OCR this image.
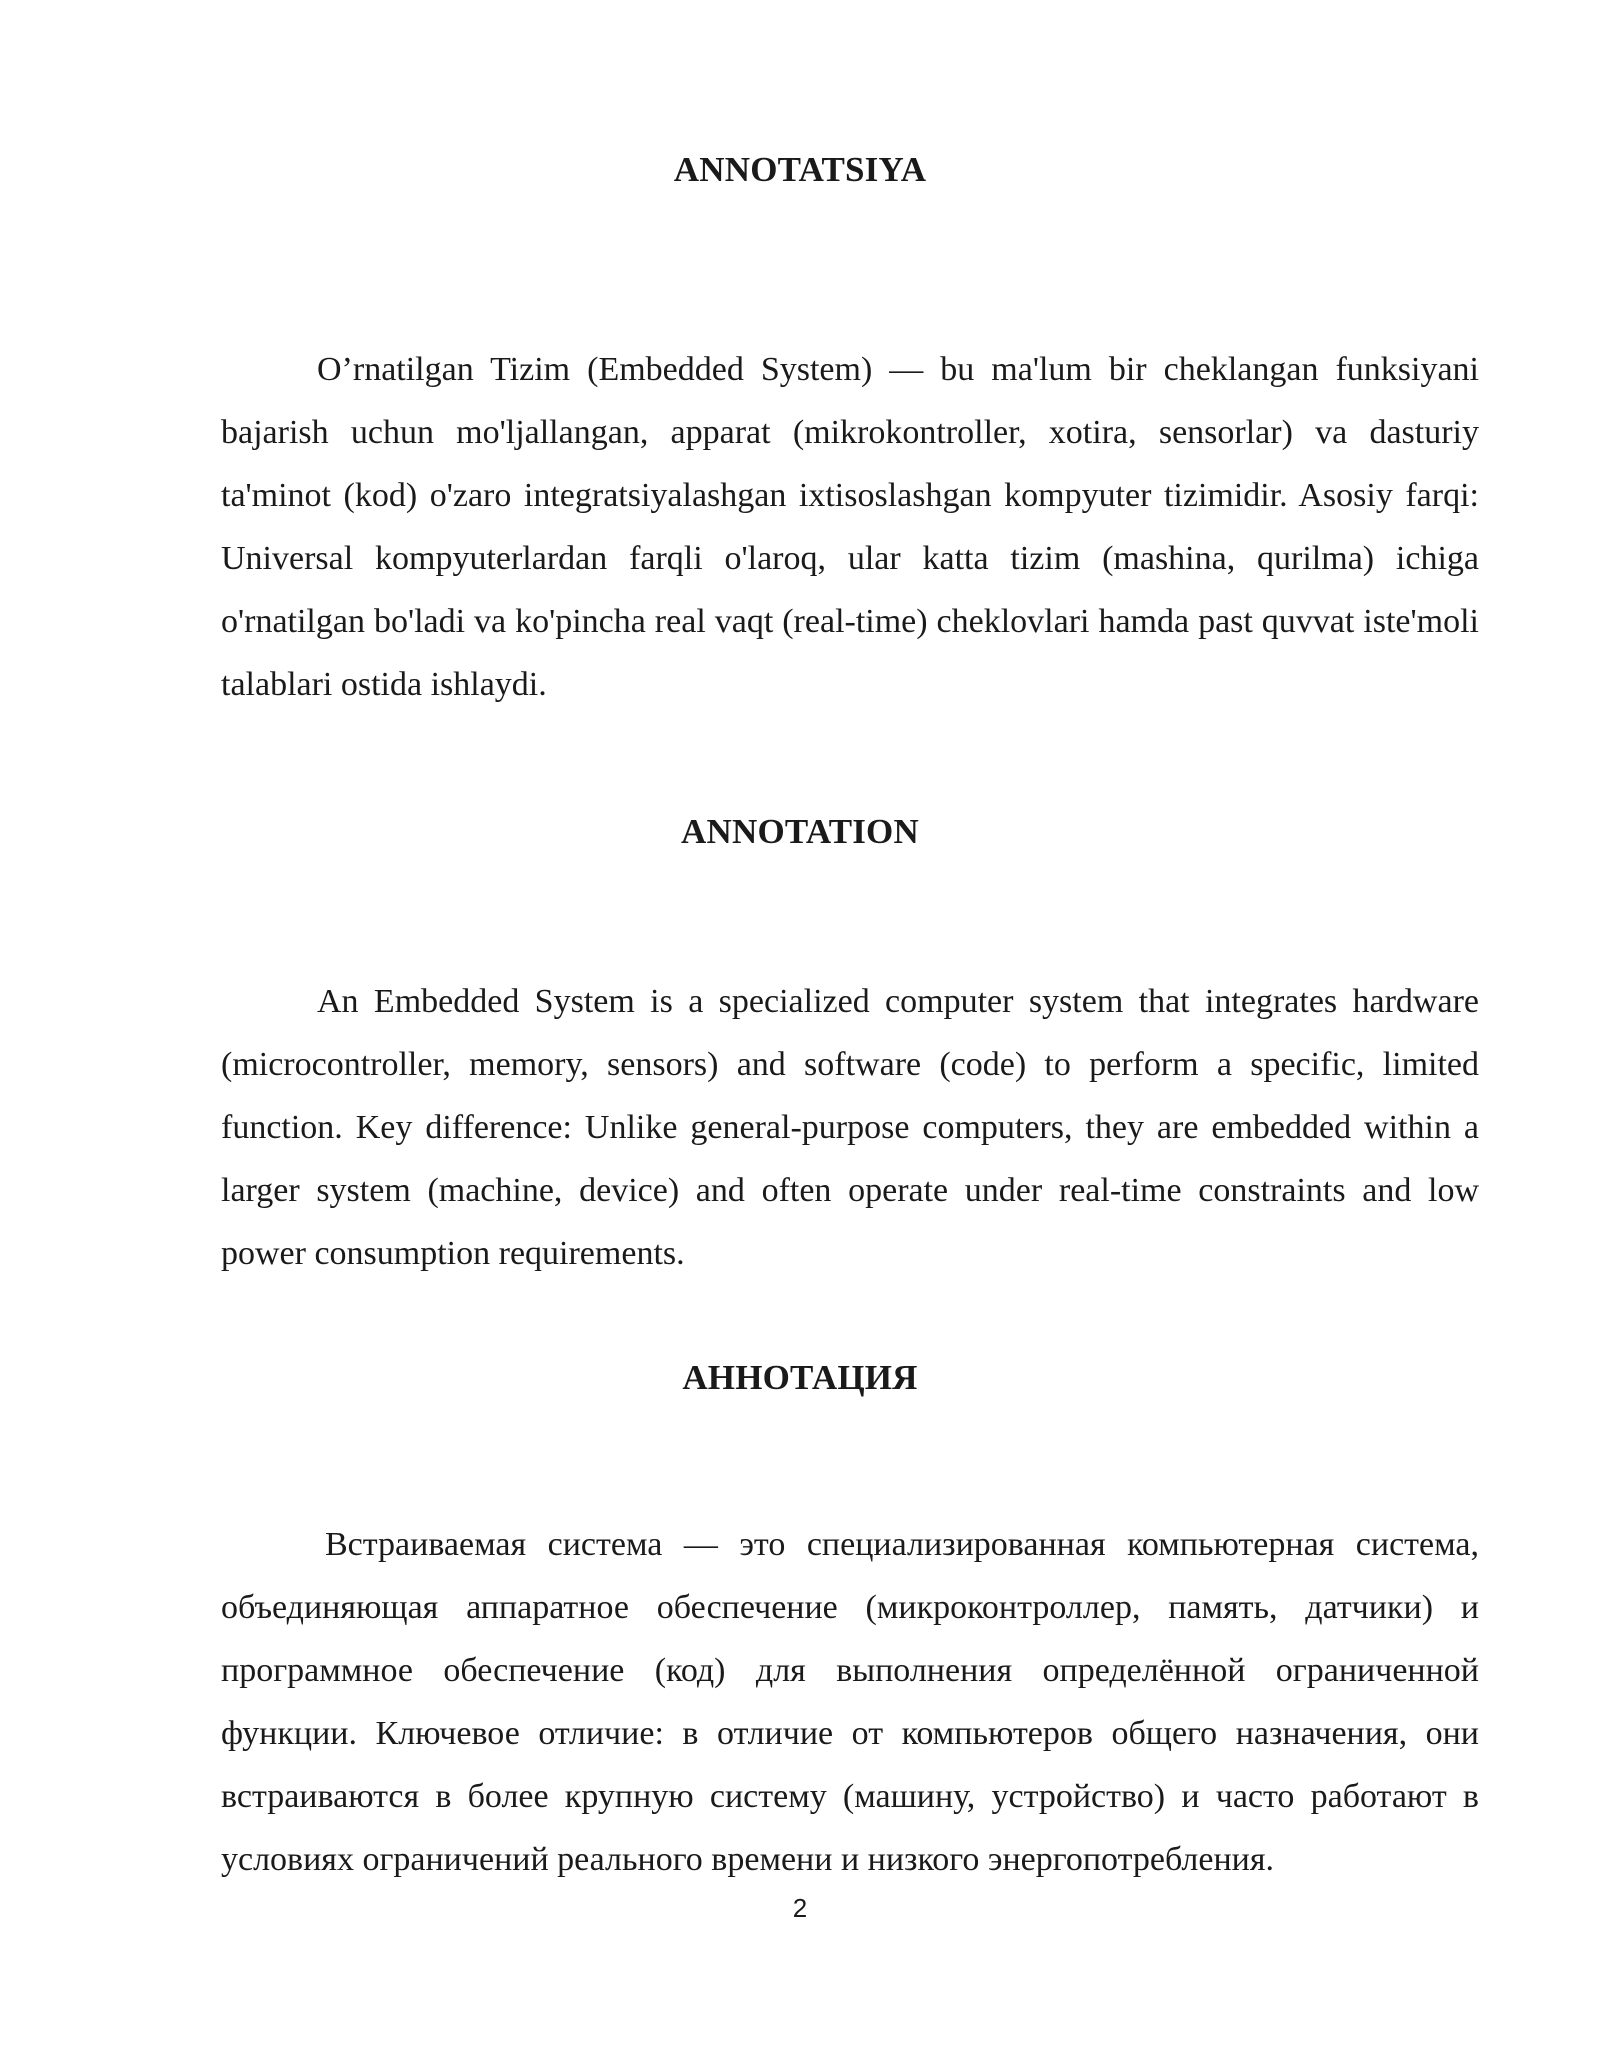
ANNOTATSIYA

O’rnatilgan Tizim (Embedded System) — bu ma'lum bir cheklangan funksiyani bajarish uchun mo'ljallangan, apparat (mikrokontroller, xotira, sensorlar) va dasturiy ta'minot (kod) o'zaro integratsiyalashgan ixtisoslashgan kompyuter tizimidir. Asosiy farqi: Universal kompyuterlardan farqli o'laroq, ular katta tizim (mashina, qurilma) ichiga o'rnatilgan bo'ladi va ko'pincha real vaqt (real-time) cheklovlari hamda past quvvat iste'moli talablari ostida ishlaydi.

ANNOTATION

An Embedded System is a specialized computer system that integrates hardware (microcontroller, memory, sensors) and software (code) to perform a specific, limited function. Key difference: Unlike general-purpose computers, they are embedded within a larger system (machine, device) and often operate under real-time constraints and low power consumption requirements.

АННОТАЦИЯ

Встраиваемая система — это специализированная компьютерная система, объединяющая аппаратное обеспечение (микроконтроллер, память, датчики) и программное обеспечение (код) для выполнения определённой ограниченной функции. Ключевое отличие: в отличие от компьютеров общего назначения, они встраиваются в более крупную систему (машину, устройство) и часто работают в условиях ограничений реального времени и низкого энергопотребления.

2
